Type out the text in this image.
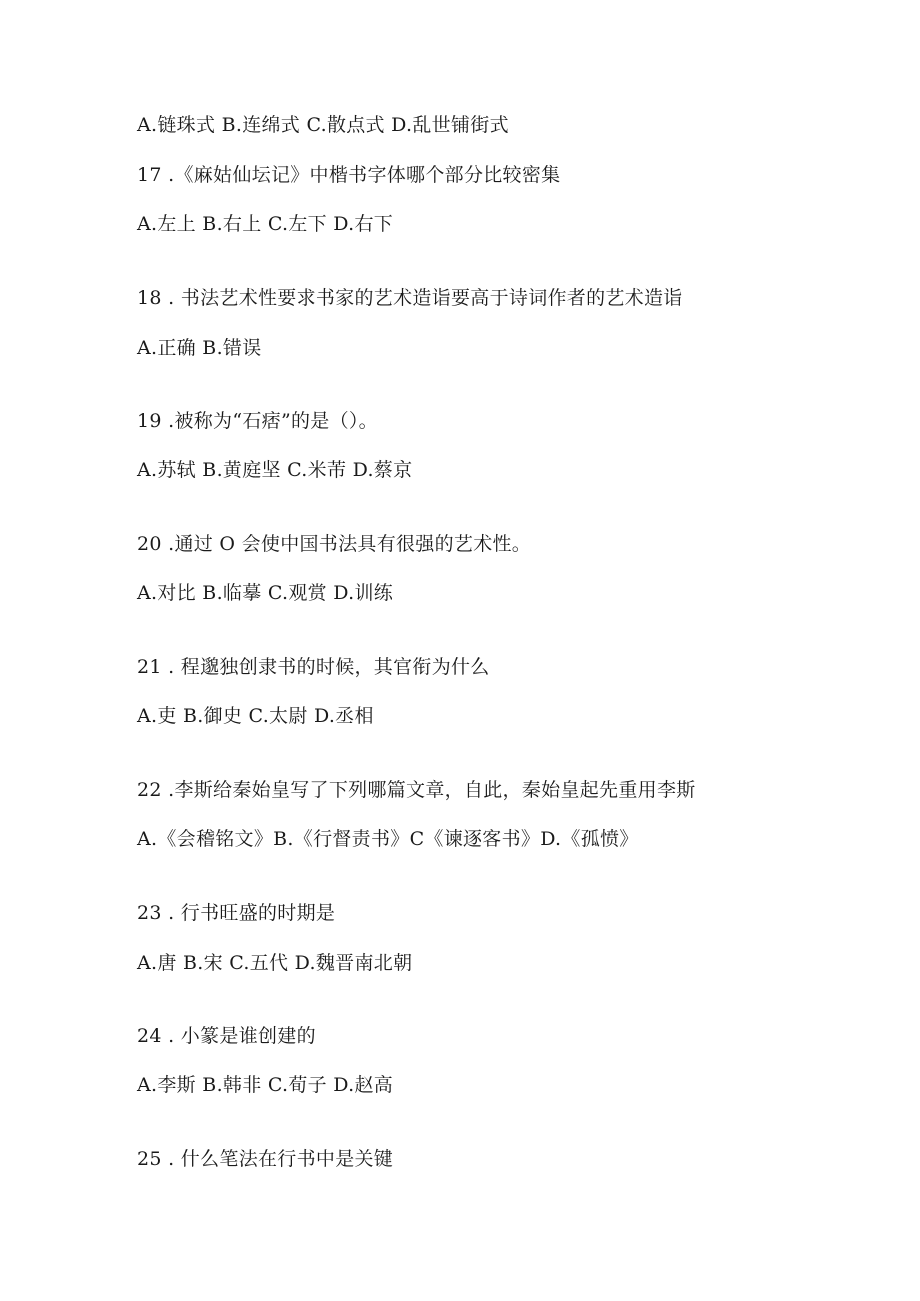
A.链珠式 B.连绵式 C.散点式 D.乱世铺街式
17 .《麻姑仙坛记》中楷书字体哪个部分比较密集
A.左上 B.右上 C.左下 D.右下
18 . 书法艺术性要求书家的艺术造诣要高于诗词作者的艺术造诣
A.正确 B.错误
19 .被称为“石痞”的是（）。
A.苏轼 B.黄庭坚 C.米芾 D.蔡京
20 .通过 O 会使中国书法具有很强的艺术性。
A.对比 B.临摹 C.观赏 D.训练
21 . 程邈独创隶书的时候，其官衔为什么
A.吏 B.御史 C.太尉 D.丞相
22 .李斯给秦始皇写了下列哪篇文章，自此，秦始皇起先重用李斯
A.《会稽铭文》B.《行督责书》C《谏逐客书》D.《孤愤》
23 . 行书旺盛的时期是
A.唐 B.宋 C.五代 D.魏晋南北朝
24 . 小篆是谁创建的
A.李斯 B.韩非 C.荀子 D.赵高
25 . 什么笔法在行书中是关键
